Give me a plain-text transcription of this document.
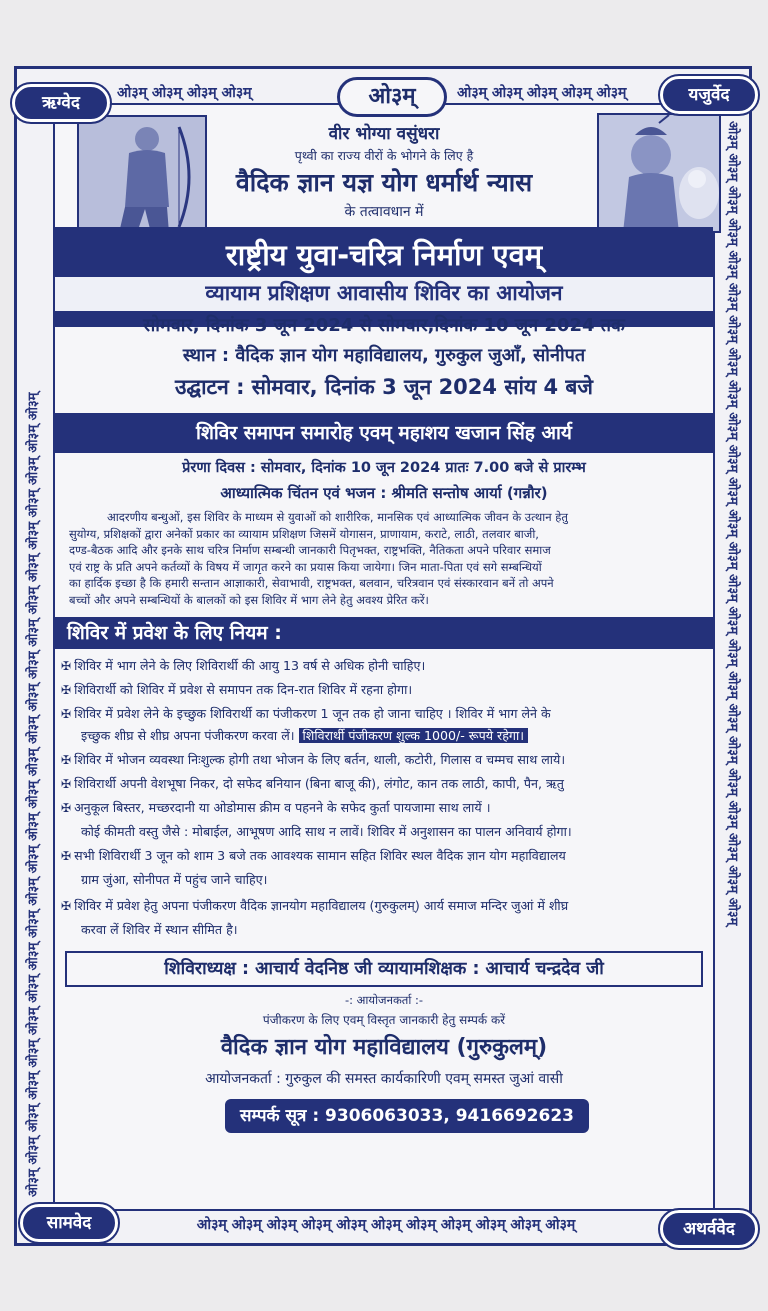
ओ३म् ओ३म् ओ३म् ओ३म्	ओ३म् ओ३म् ओ३म् ओ३म् ओ३म्
ओ३म्
ओ३म् ओ३म् ओ३म् ओ३म् ओ३म् ओ३म् ओ३म् ओ३म् ओ३म् ओ३म् ओ३म्
ओ३म् ओ३म् ओ३म् ओ३म् ओ३म् ओ३म् ओ३म् ओ३म् ओ३म् ओ३म् ओ३म् ओ३म् ओ३म् ओ३म् ओ३म् ओ३म् ओ३म् ओ३म् ओ३म् ओ३म् ओ३म् ओ३म् ओ३म् ओ३म् ओ३म्	ओ३म् ओ३म् ओ३म् ओ३म् ओ३म् ओ३म् ओ३म् ओ३म् ओ३म् ओ३म् ओ३म् ओ३म् ओ३म् ओ३म् ओ३म् ओ३म् ओ३म् ओ३म् ओ३म् ओ३म् ओ३म् ओ३म् ओ३म् ओ३म् ओ३म्
वीर भोग्या वसुंधरा
पृथ्वी का राज्य वीरों के भोगने के लिए है
वैदिक ज्ञान यज्ञ योग धर्मार्थ न्यास
के तत्वावधान में
राष्ट्रीय युवा-चरित्र निर्माण एवम्
व्यायाम प्रशिक्षण आवासीय शिविर का आयोजन
सोमवार, दिनांक 3 जून 2024 से सोमवार,दिनांक 10 जून 2024 तक
स्थान : वैदिक ज्ञान योग महाविद्यालय, गुरुकुल जुआँ, सोनीपत
उद्घाटन : सोमवार, दिनांक 3 जून 2024 सांय 4 बजे
शिविर समापन समारोह एवम् महाशय खजान सिंह आर्य
प्रेरणा दिवस : सोमवार, दिनांक 10 जून 2024 प्रातः 7.00 बजे से प्रारम्भ
आध्यात्मिक चिंतन एवं भजन : श्रीमति सन्तोष आर्या (गन्नौर)
आदरणीय बन्धुओं, इस शिविर के माध्यम से युवाओं को शारीरिक, मानसिक एवं आध्यात्मिक जीवन के उत्थान हेतु
सुयोग्य, प्रशिक्षकों द्वारा अनेकों प्रकार का व्यायाम प्रशिक्षण जिसमें योगासन, प्राणायाम, कराटे, लाठी, तलवार बाजी,
दण्ड-बैठक आदि और इनके साथ चरित्र निर्माण सम्बन्धी जानकारी पितृभक्त, राष्ट्रभक्ति, नैतिकता अपने परिवार समाज
एवं राष्ट्र के प्रति अपने कर्तव्यों के विषय में जागृत करने का प्रयास किया जायेगा। जिन माता-पिता एवं सगे सम्बन्धियों
का हार्दिक इच्छा है कि हमारी सन्तान आज्ञाकारी, सेवाभावी, राष्ट्रभक्त, बलवान, चरित्रवान एवं संस्कारवान बनें तो अपने
बच्चों और अपने सम्बन्धियों के बालकों को इस शिविर में भाग लेने हेतु अवश्य प्रेरित करें।
शिविर में प्रवेश के लिए नियम :
✠ शिविर में भाग लेने के लिए शिविरार्थी की आयु 13 वर्ष से अधिक होनी चाहिए।
✠ शिविरार्थी को शिविर में प्रवेश से समापन तक दिन-रात शिविर में रहना होगा।
✠ शिविर में प्रवेश लेने के इच्छुक शिविरार्थी का पंजीकरण 1 जून तक हो जाना चाहिए । शिविर में भाग लेने के
इच्छुक शीघ्र से शीघ्र अपना पंजीकरण करवा लें। शिविरार्थी पंजीकरण शुल्क 1000/- रूपये रहेगा।
✠ शिविर में भोजन व्यवस्था निःशुल्क होगी तथा भोजन के लिए बर्तन, थाली, कटोरी, गिलास व चम्मच साथ लाये।
✠ शिविरार्थी अपनी वेशभूषा निकर, दो सफेद बनियान (बिना बाजू की), लंगोट, कान तक लाठी, कापी, पैन, ऋतु
✠ अनुकूल बिस्तर, मच्छरदानी या ओडोमास क्रीम व पहनने के सफेद कुर्ता पायजामा साथ लायें ।
कोई कीमती वस्तु जैसे : मोबाईल, आभूषण आदि साथ न लावें। शिविर में अनुशासन का पालन अनिवार्य होगा।
✠ सभी शिविरार्थी 3 जून को शाम 3 बजे तक आवश्यक सामान सहित शिविर स्थल वैदिक ज्ञान योग महाविद्यालय
ग्राम जुंआ, सोनीपत में पहुंच जाने चाहिए।
✠ शिविर में प्रवेश हेतु अपना पंजीकरण वैदिक ज्ञानयोग महाविद्यालय (गुरुकुलम्) आर्य समाज मन्दिर जुआं में शीघ्र
करवा लें शिविर में स्थान सीमित है।
शिविराध्यक्ष : आचार्य वेदनिष्ठ जी व्यायामशिक्षक : आचार्य चन्द्रदेव जी
-: आयोजनकर्ता :-
पंजीकरण के लिए एवम् विस्तृत जानकारी हेतु सम्पर्क करें
वैदिक ज्ञान योग महाविद्यालय (गुरुकुलम्)
आयोजनकर्ता : गुरुकुल की समस्त कार्यकारिणी एवम् समस्त जुआं वासी
सम्पर्क सूत्र : 9306063033, 9416692623
ऋग्वेद	यजुर्वेद
सामवेद	अथर्ववेद
